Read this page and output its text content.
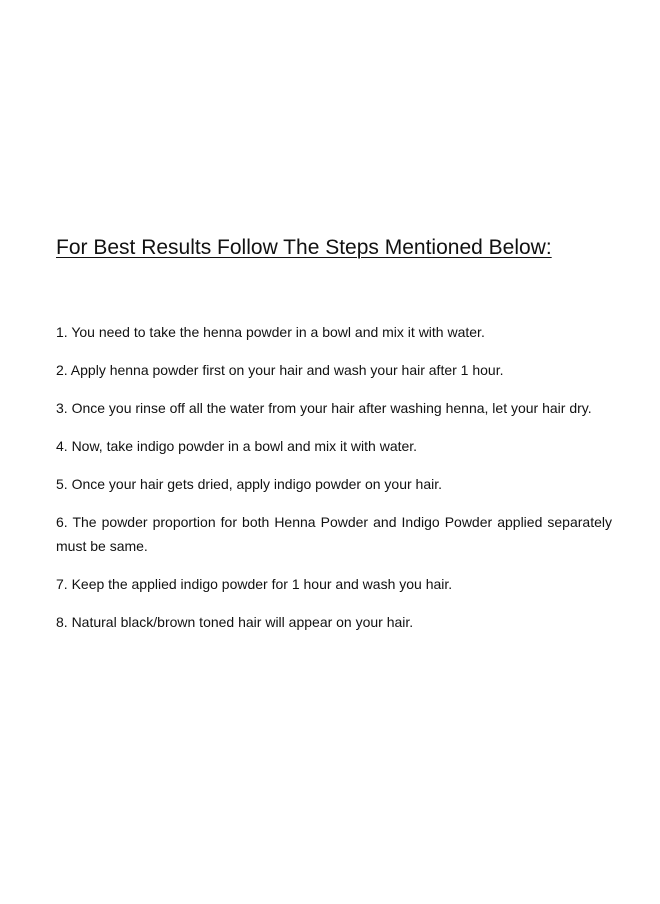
For Best Results Follow The Steps Mentioned Below:
1. You need to take the henna powder in a bowl and mix it with water.
2. Apply henna powder first on your hair and wash your hair after 1 hour.
3. Once you rinse off all the water from your hair after washing henna, let your hair dry.
4. Now, take indigo powder in a bowl and mix it with water.
5. Once your hair gets dried, apply indigo powder on your hair.
6. The powder proportion for both Henna Powder and Indigo Powder applied separately must be same.
7. Keep the applied indigo powder for 1 hour and wash you hair.
8. Natural black/brown toned hair will appear on your hair.
